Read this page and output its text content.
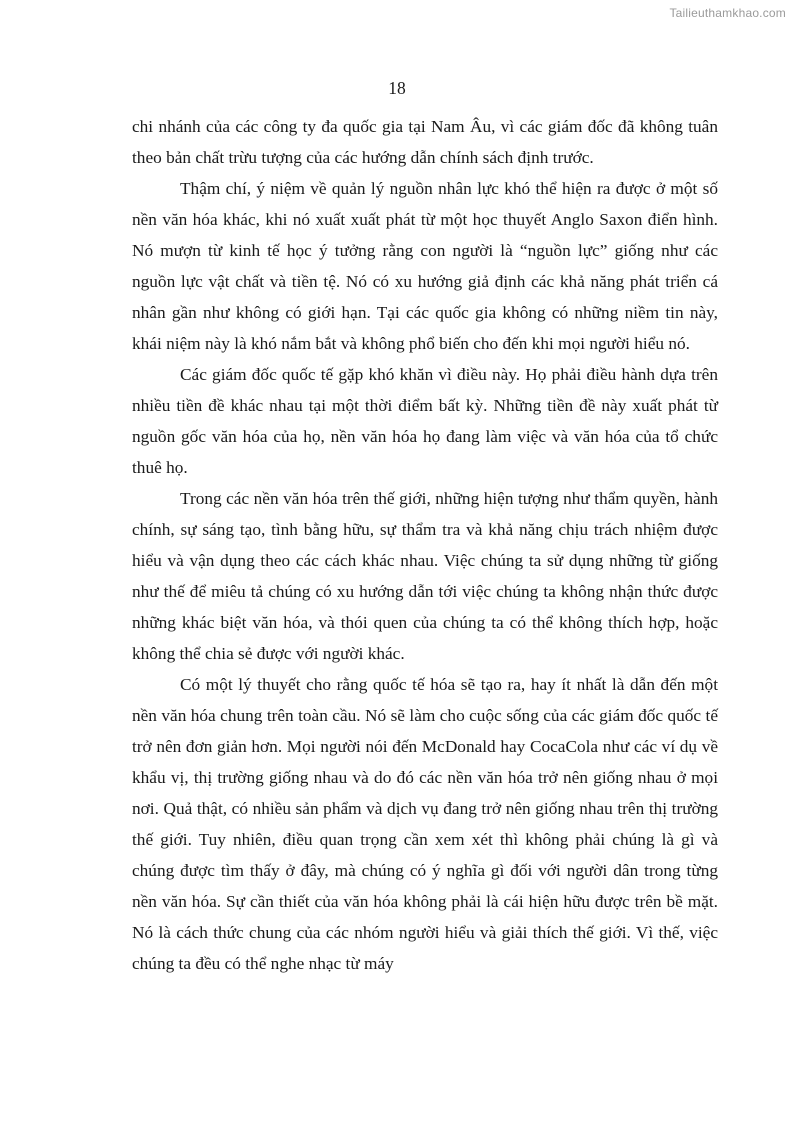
Tailieuthamkhao.com
18

chi nhánh của các công ty đa quốc gia tại Nam Âu, vì các giám đốc đã không tuân theo bản chất trừu tượng của các hướng dẫn chính sách định trước.

Thậm chí, ý niệm về quản lý nguồn nhân lực khó thể hiện ra được ở một số nền văn hóa khác, khi nó xuất xuất phát từ một học thuyết Anglo Saxon điển hình. Nó mượn từ kinh tế học ý tưởng rằng con người là “nguồn lực” giống như các nguồn lực vật chất và tiền tệ. Nó có xu hướng giả định các khả năng phát triển cá nhân gần như không có giới hạn. Tại các quốc gia không có những niềm tin này, khái niệm này là khó nắm bắt và không phổ biến cho đến khi mọi người hiểu nó.

Các giám đốc quốc tế gặp khó khăn vì điều này. Họ phải điều hành dựa trên nhiều tiền đề khác nhau tại một thời điểm bất kỳ. Những tiền đề này xuất phát từ nguồn gốc văn hóa của họ, nền văn hóa họ đang làm việc và văn hóa của tổ chức thuê họ.

Trong các nền văn hóa trên thế giới, những hiện tượng như thẩm quyền, hành chính, sự sáng tạo, tình bằng hữu, sự thẩm tra và khả năng chịu trách nhiệm được hiểu và vận dụng theo các cách khác nhau. Việc chúng ta sử dụng những từ giống như thế để miêu tả chúng có xu hướng dẫn tới việc chúng ta không nhận thức được những khác biệt văn hóa, và thói quen của chúng ta có thể không thích hợp, hoặc không thể chia sẻ được với người khác.

Có một lý thuyết cho rằng quốc tế hóa sẽ tạo ra, hay ít nhất là dẫn đến một nền văn hóa chung trên toàn cầu. Nó sẽ làm cho cuộc sống của các giám đốc quốc tế trở nên đơn giản hơn. Mọi người nói đến McDonald hay CocaCola như các ví dụ về khẩu vị, thị trường giống nhau và do đó các nền văn hóa trở nên giống nhau ở mọi nơi. Quả thật, có nhiều sản phẩm và dịch vụ đang trở nên giống nhau trên thị trường thế giới. Tuy nhiên, điều quan trọng cần xem xét thì không phải chúng là gì và chúng được tìm thấy ở đây, mà chúng có ý nghĩa gì đối với người dân trong từng nền văn hóa. Sự cần thiết của văn hóa không phải là cái hiện hữu được trên bề mặt. Nó là cách thức chung của các nhóm người hiểu và giải thích thế giới. Vì thế, việc chúng ta đều có thể nghe nhạc từ máy
